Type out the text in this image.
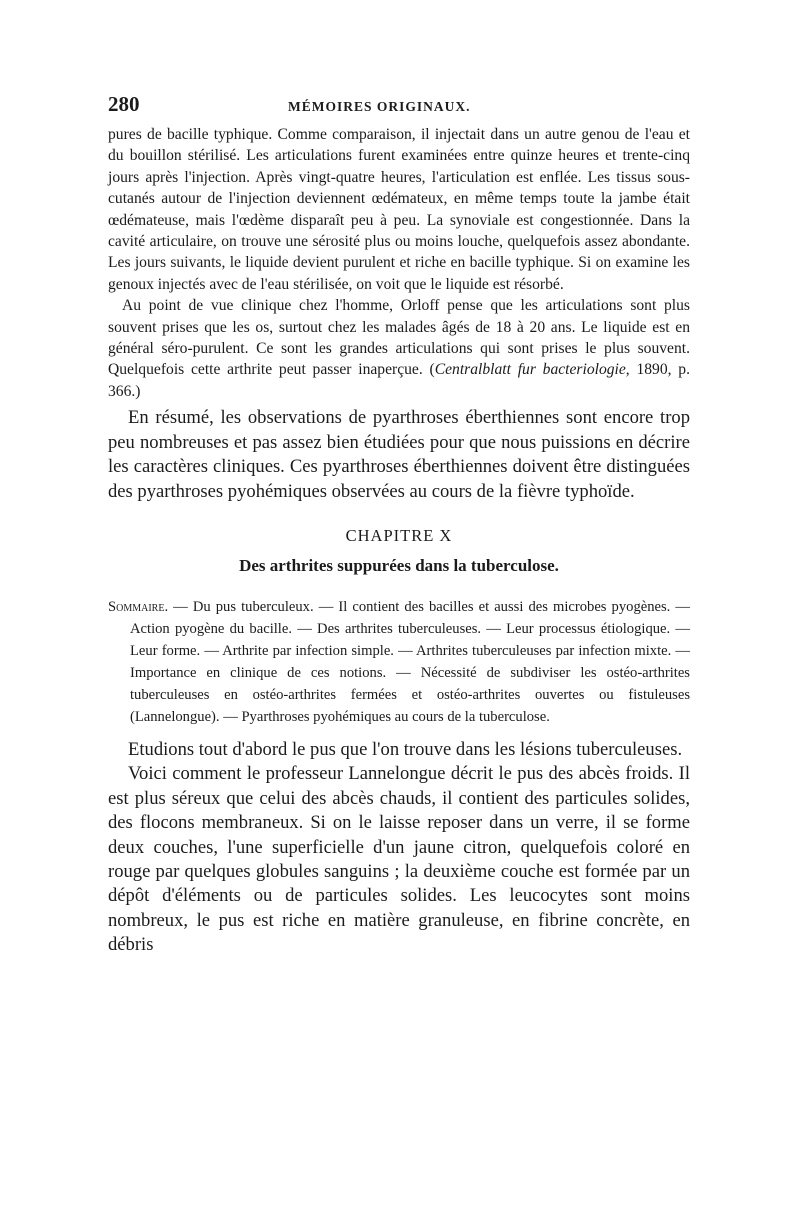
280	MÉMOIRES ORIGINAUX.

pures de bacille typhique. Comme comparaison, il injectait dans un autre genou de l'eau et du bouillon stérilisé. Les articulations furent examinées entre quinze heures et trente-cinq jours après l'injection. Après vingt-quatre heures, l'articulation est enflée. Les tissus sous-cutanés autour de l'injection deviennent œdémateux, en même temps toute la jambe était œdémateuse, mais l'œdème disparaît peu à peu. La synoviale est congestionnée. Dans la cavité articulaire, on trouve une sérosité plus ou moins louche, quelquefois assez abondante. Les jours suivants, le liquide devient purulent et riche en bacille typhique. Si on examine les genoux injectés avec de l'eau stérilisée, on voit que le liquide est résorbé.

Au point de vue clinique chez l'homme, Orloff pense que les articulations sont plus souvent prises que les os, surtout chez les malades âgés de 18 à 20 ans. Le liquide est en général séro-purulent. Ce sont les grandes articulations qui sont prises le plus souvent. Quelquefois cette arthrite peut passer inaperçue. (Centralblatt fur bacteriologie, 1890, p. 366.)

En résumé, les observations de pyarthroses éberthiennes sont encore trop peu nombreuses et pas assez bien étudiées pour que nous puissions en décrire les caractères cliniques. Ces pyarthroses éberthiennes doivent être distinguées des pyarthroses pyohémiques observées au cours de la fièvre typhoïde.

CHAPITRE X
Des arthrites suppurées dans la tuberculose.
Sommaire. — Du pus tuberculeux. — Il contient des bacilles et aussi des microbes pyogènes. — Action pyogène du bacille. — Des arthrites tuberculeuses. — Leur processus étiologique. — Leur forme. — Arthrite par infection simple. — Arthrites tuberculeuses par infection mixte. — Importance en clinique de ces notions. — Nécessité de subdiviser les ostéo-arthrites tuberculeuses en ostéo-arthrites fermées et ostéo-arthrites ouvertes ou fistuleuses (Lannelongue). — Pyarthroses pyohémiques au cours de la tuberculose.

Etudions tout d'abord le pus que l'on trouve dans les lésions tuberculeuses.

Voici comment le professeur Lannelongue décrit le pus des abcès froids. Il est plus séreux que celui des abcès chauds, il contient des particules solides, des flocons membraneux. Si on le laisse reposer dans un verre, il se forme deux couches, l'une superficielle d'un jaune citron, quelquefois coloré en rouge par quelques globules sanguins ; la deuxième couche est formée par un dépôt d'éléments ou de particules solides. Les leucocytes sont moins nombreux, le pus est riche en matière granuleuse, en fibrine concrète, en débris
